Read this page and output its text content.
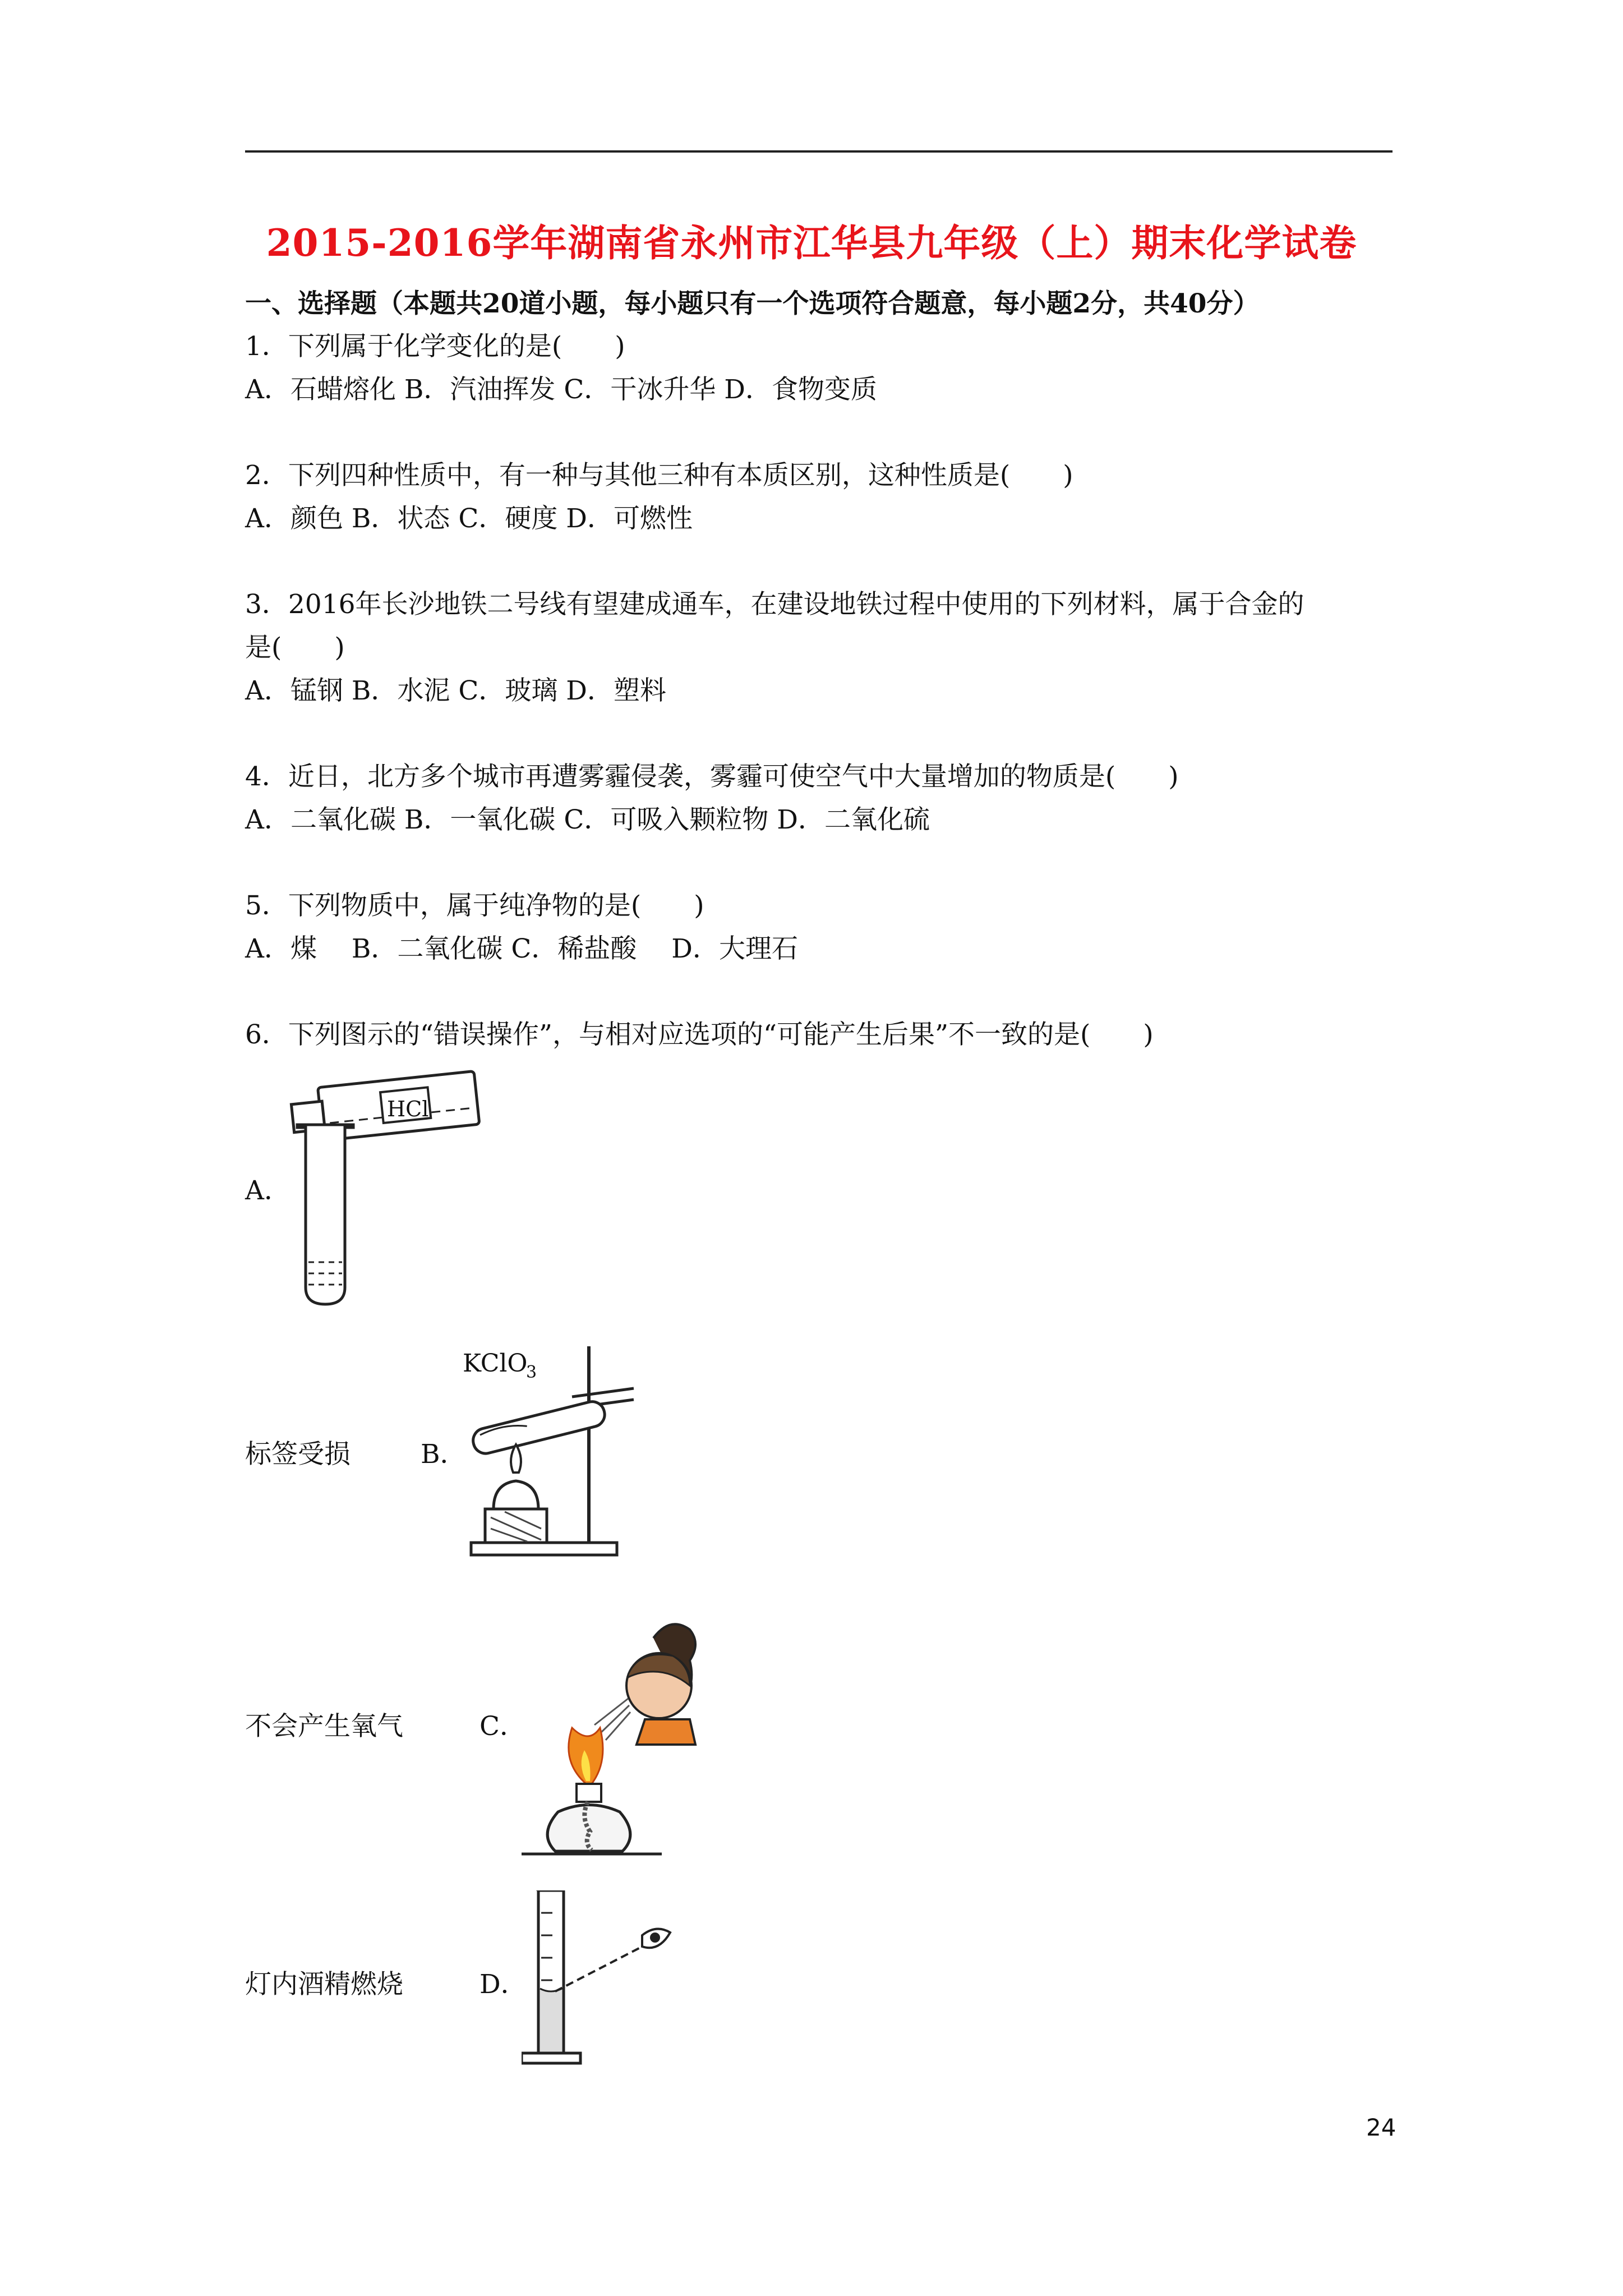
2015-2016学年湖南省永州市江华县九年级（上）期末化学试卷
一、选择题（本题共20道小题，每小题只有一个选项符合题意，每小题2分，共40分）
1．下列属于化学变化的是(　　)
A．石蜡熔化 B．汽油挥发 C．干冰升华 D．食物变质
2．下列四种性质中，有一种与其他三种有本质区别，这种性质是(　　)
A．颜色 B．状态 C．硬度 D．可燃性
3．2016年长沙地铁二号线有望建成通车，在建设地铁过程中使用的下列材料，属于合金的
是(　　)
A．锰钢 B．水泥 C．玻璃 D．塑料
4．近日，北方多个城市再遭雾霾侵袭，雾霾可使空气中大量增加的物质是(　　)
A．二氧化碳 B．一氧化碳 C．可吸入颗粒物 D．二氧化硫
5．下列物质中，属于纯净物的是(　　)
A．煤　 B．二氧化碳 C．稀盐酸　 D．大理石
6．下列图示的“错误操作”，与相对应选项的“可能产生后果”不一致的是(　　)
A．
HCl
标签受损	B．
KClO
3
不会产生氧气	C．
灯内酒精燃烧	D．
24
